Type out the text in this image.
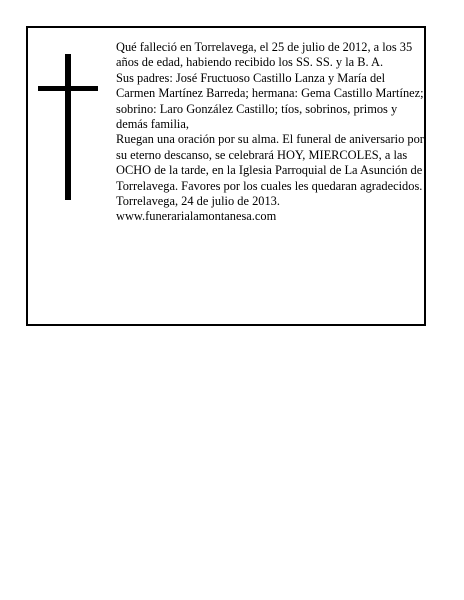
Qué falleció en Torrelavega, el 25 de julio de 2012, a los 35 años de edad, habiendo recibido los SS. SS. y la B. A.

Sus padres: José Fructuoso Castillo Lanza y María del Carmen Martínez Barreda; hermana: Gema Castillo Martínez; sobrino: Laro González Castillo; tíos, sobrinos, primos y demás familia,

Ruegan una oración por su alma. El funeral de aniversario por su eterno descanso, se celebrará HOY, MIERCOLES, a las OCHO de la tarde, en la Iglesia Parroquial de La Asunción de Torrelavega. Favores por los cuales les quedaran agradecidos.

Torrelavega, 24 de julio de 2013.

www.funerarialamontanesa.com
